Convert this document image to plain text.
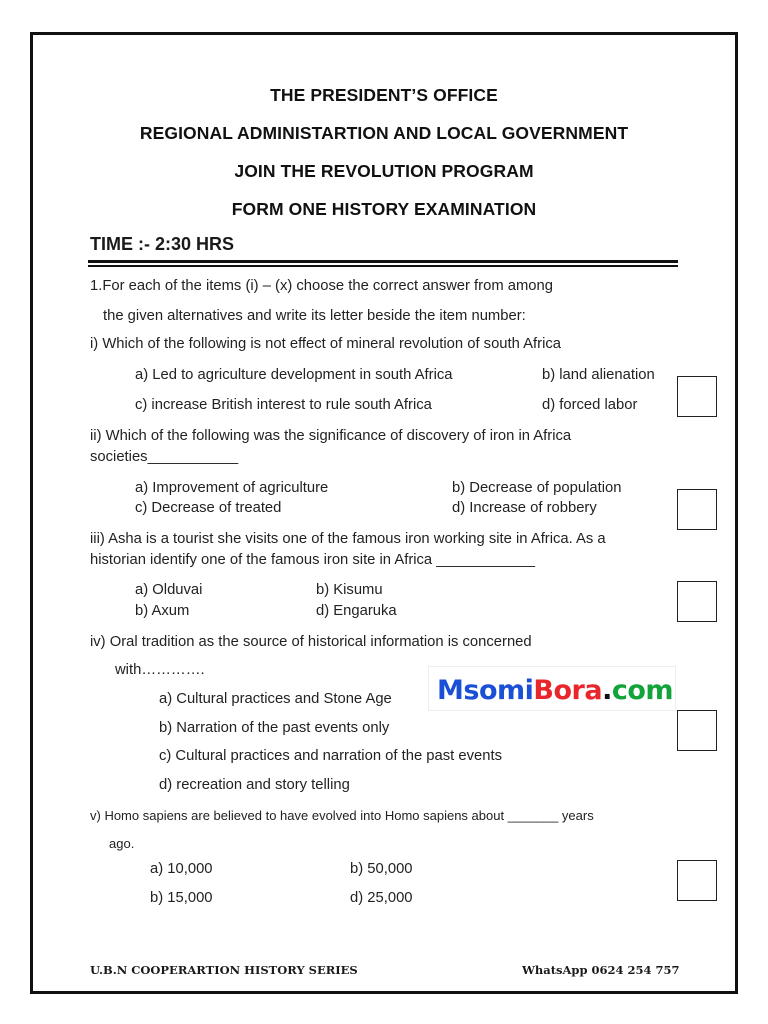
THE PRESIDENT’S OFFICE
REGIONAL ADMINISTARTION AND LOCAL GOVERNMENT
JOIN THE REVOLUTION PROGRAM
FORM ONE HISTORY EXAMINATION
TIME :- 2:30 HRS
1.For each of the items (i) – (x) choose the correct answer from among
the given alternatives and write its letter beside the item number:
i) Which of the following is not effect of mineral revolution of south Africa
a) Led to agriculture development in south Africa	b) land alienation
c) increase British interest to rule south Africa	d) forced labor
ii) Which of the following was the significance of discovery of iron in Africa
societies___________
a) Improvement of agriculture	b) Decrease of population
c) Decrease of treated	d) Increase of robbery
iii) Asha is a tourist she visits one of the famous iron working site in Africa. As a
historian identify one of the famous iron site in Africa ____________
a) Olduvai	b) Kisumu
b) Axum	d) Engaruka
iv) Oral tradition as the source of historical information is concerned
with………….
a) Cultural practices and Stone Age
b) Narration of the past events only
c) Cultural practices and narration of the past events
d) recreation and story telling
MsomiBora.com
v) Homo sapiens are believed to have evolved into Homo sapiens about _______ years
ago.
a) 10,000	b) 50,000
b) 15,000	d) 25,000
U.B.N COOPERARTION HISTORY SERIES	WhatsApp 0624 254 757
